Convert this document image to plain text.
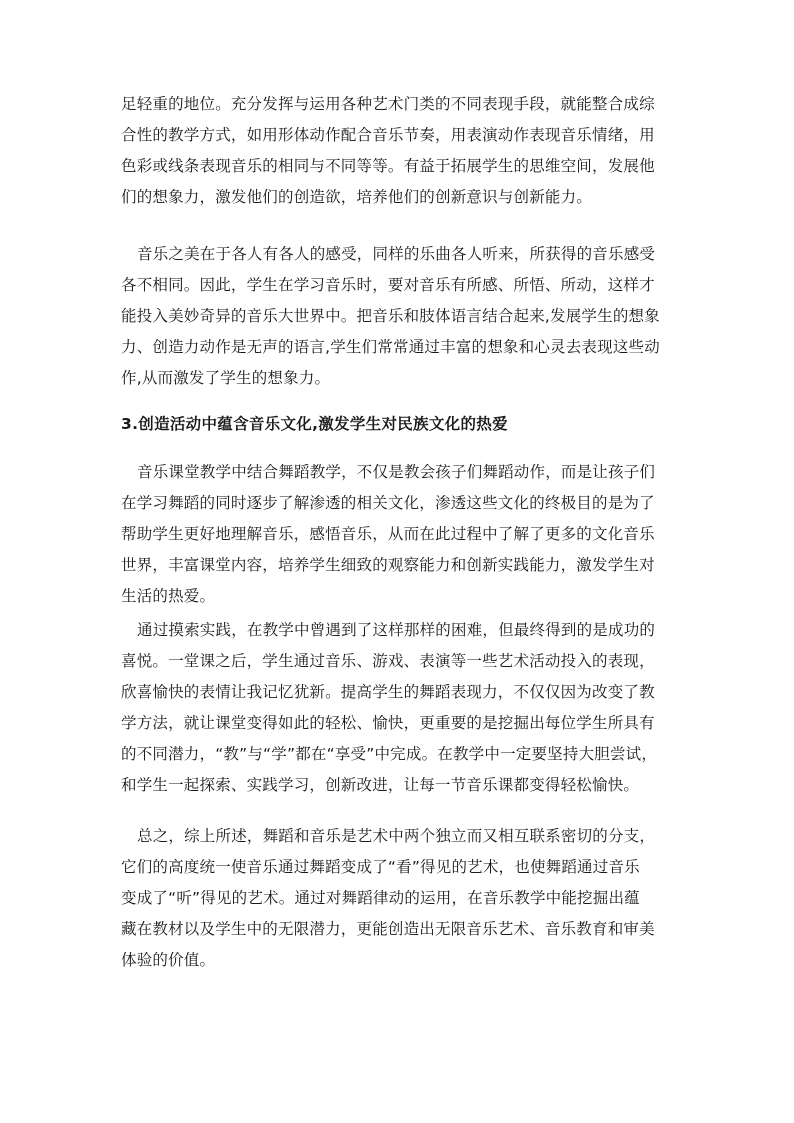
足轻重的地位。充分发挥与运用各种艺术门类的不同表现手段，就能整合成综
合性的教学方式，如用形体动作配合音乐节奏，用表演动作表现音乐情绪，用
色彩或线条表现音乐的相同与不同等等。有益于拓展学生的思维空间，发展他
们的想象力，激发他们的创造欲，培养他们的创新意识与创新能力。
音乐之美在于各人有各人的感受，同样的乐曲各人听来，所获得的音乐感受
各不相同。因此，学生在学习音乐时，要对音乐有所感、所悟、所动，这样才
能投入美妙奇异的音乐大世界中。把音乐和肢体语言结合起来,发展学生的想象
力、创造力动作是无声的语言,学生们常常通过丰富的想象和心灵去表现这些动
作,从而激发了学生的想象力。
3.创造活动中蕴含音乐文化,激发学生对民族文化的热爱
音乐课堂教学中结合舞蹈教学，不仅是教会孩子们舞蹈动作，而是让孩子们
在学习舞蹈的同时逐步了解渗透的相关文化，渗透这些文化的终极目的是为了
帮助学生更好地理解音乐，感悟音乐，从而在此过程中了解了更多的文化音乐
世界，丰富课堂内容，培养学生细致的观察能力和创新实践能力，激发学生对
生活的热爱。
通过摸索实践，在教学中曾遇到了这样那样的困难，但最终得到的是成功的
喜悦。一堂课之后，学生通过音乐、游戏、表演等一些艺术活动投入的表现，
欣喜愉快的表情让我记忆犹新。提高学生的舞蹈表现力，不仅仅因为改变了教
学方法，就让课堂变得如此的轻松、愉快，更重要的是挖掘出每位学生所具有
的不同潜力，“教”与“学”都在“享受”中完成。在教学中一定要坚持大胆尝试，
和学生一起探索、实践学习，创新改进，让每一节音乐课都变得轻松愉快。
总之，综上所述，舞蹈和音乐是艺术中两个独立而又相互联系密切的分支，
它们的高度统一使音乐通过舞蹈变成了“看”得见的艺术，也使舞蹈通过音乐
变成了“听”得见的艺术。通过对舞蹈律动的运用，在音乐教学中能挖掘出蕴
藏在教材以及学生中的无限潜力，更能创造出无限音乐艺术、音乐教育和审美
体验的价值。
